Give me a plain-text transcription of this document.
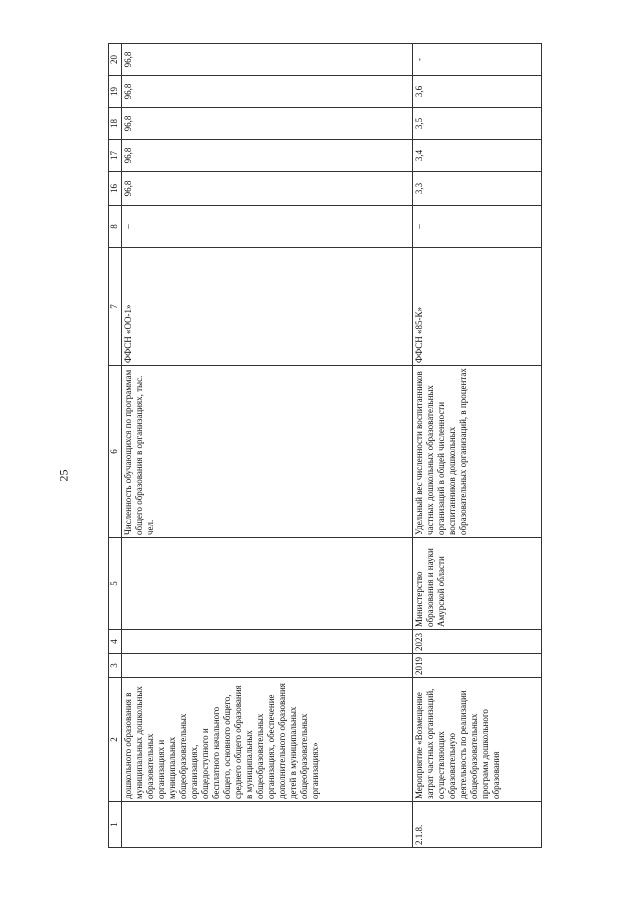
25
1	2	3	4	5	6	7	8	16	17	18	19	20
	дошкольного образования в муниципальных дошкольных образовательных организациях и муниципальных общеобразовательных организациях, общедоступного и бесплатного начального общего, основного общего, среднего общего образования в муниципальных общеобразовательных организациях, обеспечение дополнительного образования детей в муниципальных общеобразовательных организациях»				Численность обучающихся по программам общего образования в организациях, тыс. чел.	ФФСН «ОО-1»	–	96,8	96,8	96,8	96,8	96,8
2.1.8.	Мероприятие «Возмещение затрат частных организаций, осуществляющих образовательную деятельность по реализации общеобразовательных программ дошкольного образования	2019	2023	Министерство образования и науки Амурской области	Удельный вес численности воспитанников частных дошкольных образовательных организаций в общей численности воспитанников дошкольных образовательных организаций, в процентах	ФФСН «85-К»	–	3,3	3,4	3,5	3,6	-
